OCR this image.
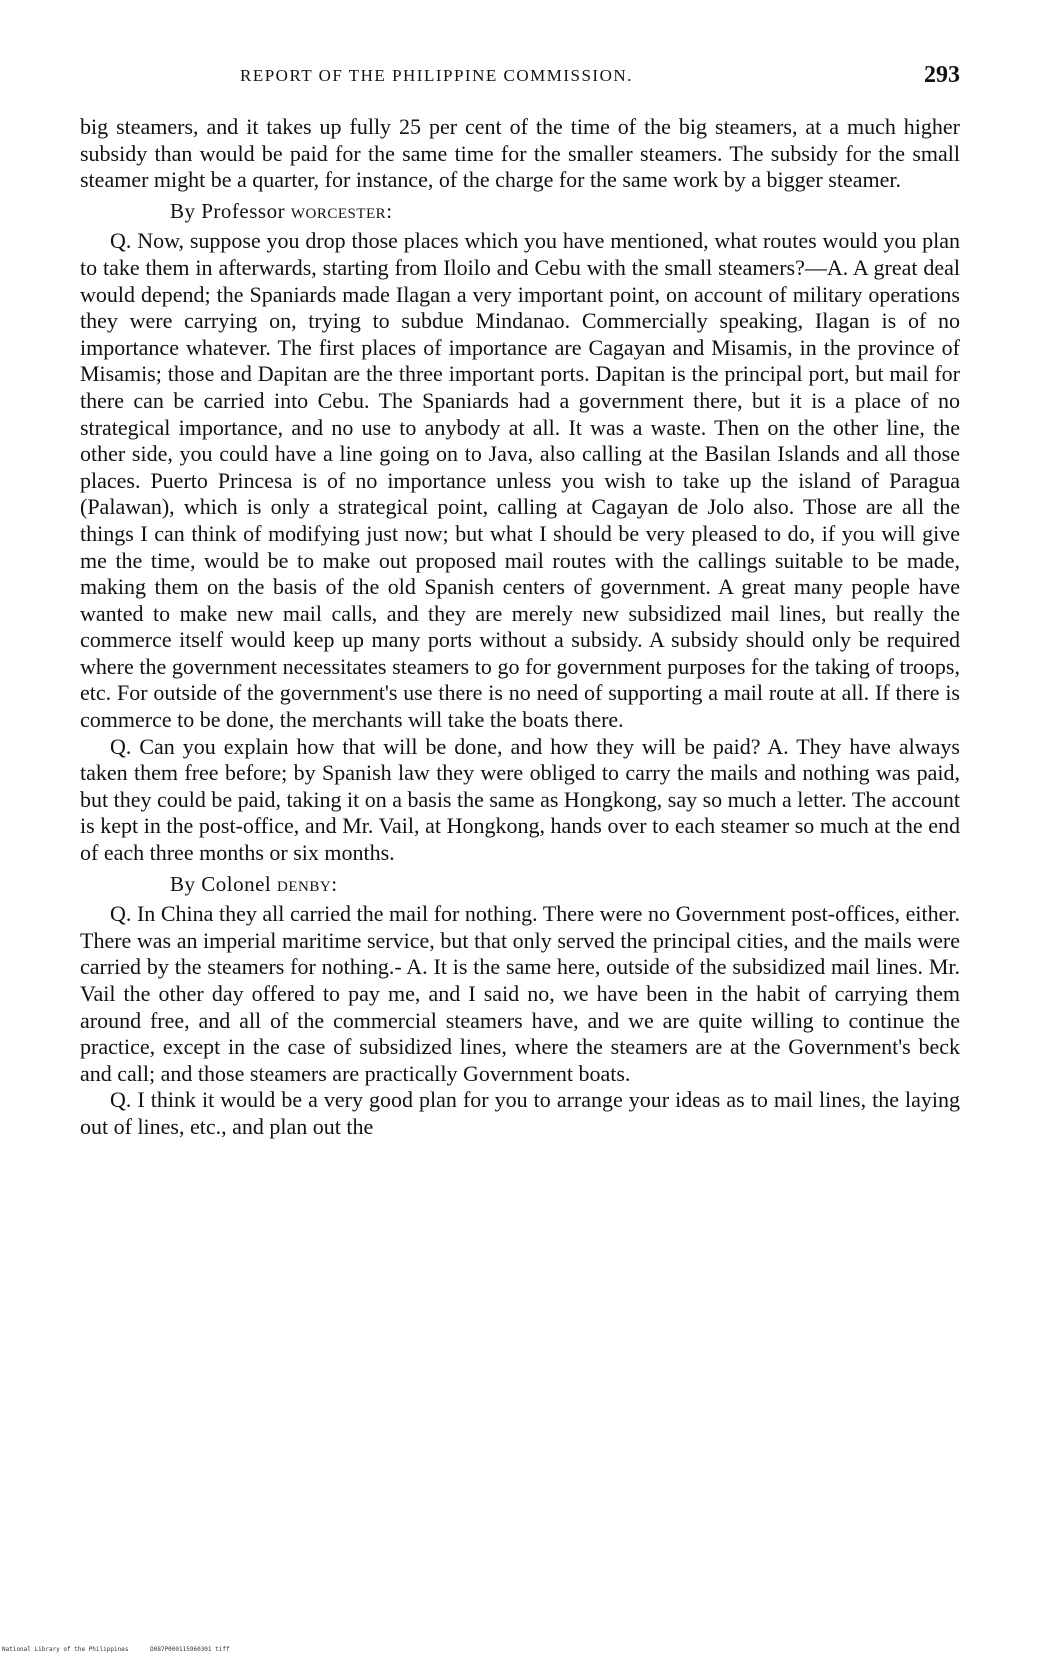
REPORT OF THE PHILIPPINE COMMISSION.	293

big steamers, and it takes up fully 25 per cent of the time of the big steamers, at a much higher subsidy than would be paid for the same time for the smaller steamers. The subsidy for the small steamer might be a quarter, for instance, of the charge for the same work by a bigger steamer.

By Professor worcester:

Q. Now, suppose you drop those places which you have mentioned, what routes would you plan to take them in afterwards, starting from Iloilo and Cebu with the small steamers?—A. A great deal would depend; the Spaniards made Ilagan a very important point, on account of military operations they were carrying on, trying to subdue Mindanao. Commercially speaking, Ilagan is of no importance whatever. The first places of importance are Cagayan and Misamis, in the province of Misamis; those and Dapitan are the three important ports. Dapitan is the principal port, but mail for there can be carried into Cebu. The Spaniards had a government there, but it is a place of no strategical importance, and no use to anybody at all. It was a waste. Then on the other line, the other side, you could have a line going on to Java, also calling at the Basilan Islands and all those places. Puerto Princesa is of no importance unless you wish to take up the island of Paragua (Palawan), which is only a strategical point, calling at Cagayan de Jolo also. Those are all the things I can think of modifying just now; but what I should be very pleased to do, if you will give me the time, would be to make out proposed mail routes with the callings suitable to be made, making them on the basis of the old Spanish centers of government. A great many people have wanted to make new mail calls, and they are merely new subsidized mail lines, but really the commerce itself would keep up many ports without a subsidy. A subsidy should only be required where the government necessitates steamers to go for government purposes for the taking of troops, etc. For outside of the government's use there is no need of supporting a mail route at all. If there is commerce to be done, the merchants will take the boats there.

Q. Can you explain how that will be done, and how they will be paid? A. They have always taken them free before; by Spanish law they were obliged to carry the mails and nothing was paid, but they could be paid, taking it on a basis the same as Hongkong, say so much a letter. The account is kept in the post-office, and Mr. Vail, at Hongkong, hands over to each steamer so much at the end of each three months or six months.

By Colonel denby:

Q. In China they all carried the mail for nothing. There were no Government post-offices, either. There was an imperial maritime service, but that only served the principal cities, and the mails were carried by the steamers for nothing.- A. It is the same here, outside of the subsidized mail lines. Mr. Vail the other day offered to pay me, and I said no, we have been in the habit of carrying them around free, and all of the commercial steamers have, and we are quite willing to continue the practice, except in the case of subsidized lines, where the steamers are at the Government's beck and call; and those steamers are practically Government boats.

Q. I think it would be a very good plan for you to arrange your ideas as to mail lines, the laying out of lines, etc., and plan out the

National Library of the Philippines	D087P000115960301 tiff
